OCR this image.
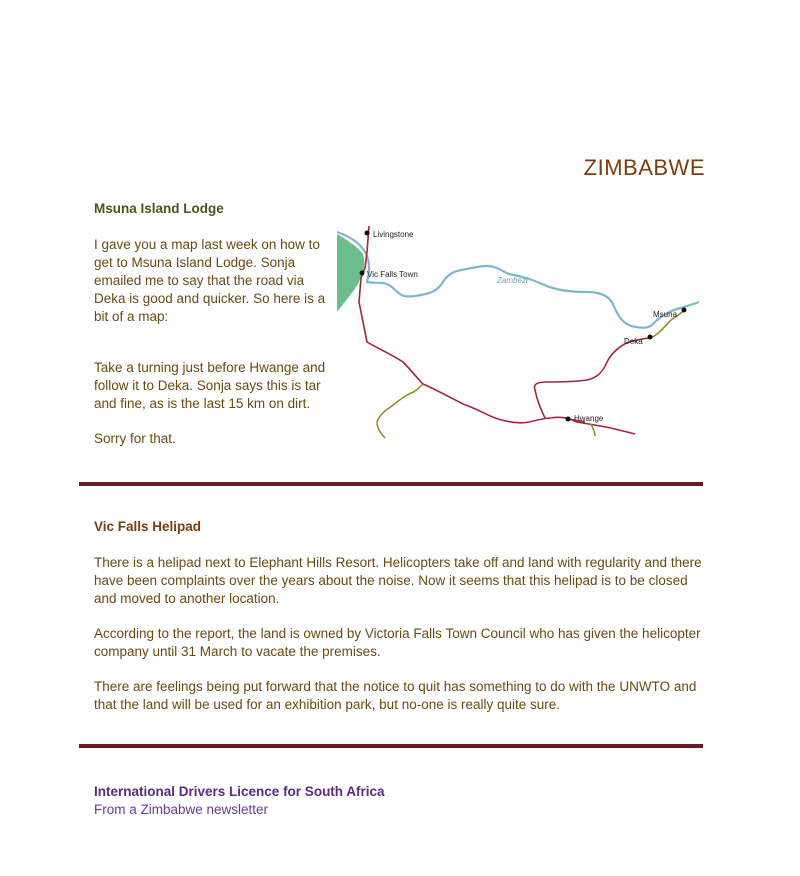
ZIMBABWE
Msuna Island Lodge

I gave you a map last week on how to get to Msuna Island Lodge. Sonja emailed me to say that the road via Deka is good and quicker. So here is a bit of a map:

Take a turning just before Hwange and follow it to Deka. Sonja says this is tar and fine, as is the last 15 km on dirt.

Sorry for that.

Livingstone
Vic Falls Town
Zambezi
Msuna
Deka
Hwange
Vic Falls Helipad

There is a helipad next to Elephant Hills Resort. Helicopters take off and land with regularity and there have been complaints over the years about the noise. Now it seems that this helipad is to be closed and moved to another location.

According to the report, the land is owned by Victoria Falls Town Council who has given the helicopter company until 31 March to vacate the premises.

There are feelings being put forward that the notice to quit has something to do with the UNWTO and that the land will be used for an exhibition park, but no-one is really quite sure.

International Drivers Licence for South Africa
From a Zimbabwe newsletter
